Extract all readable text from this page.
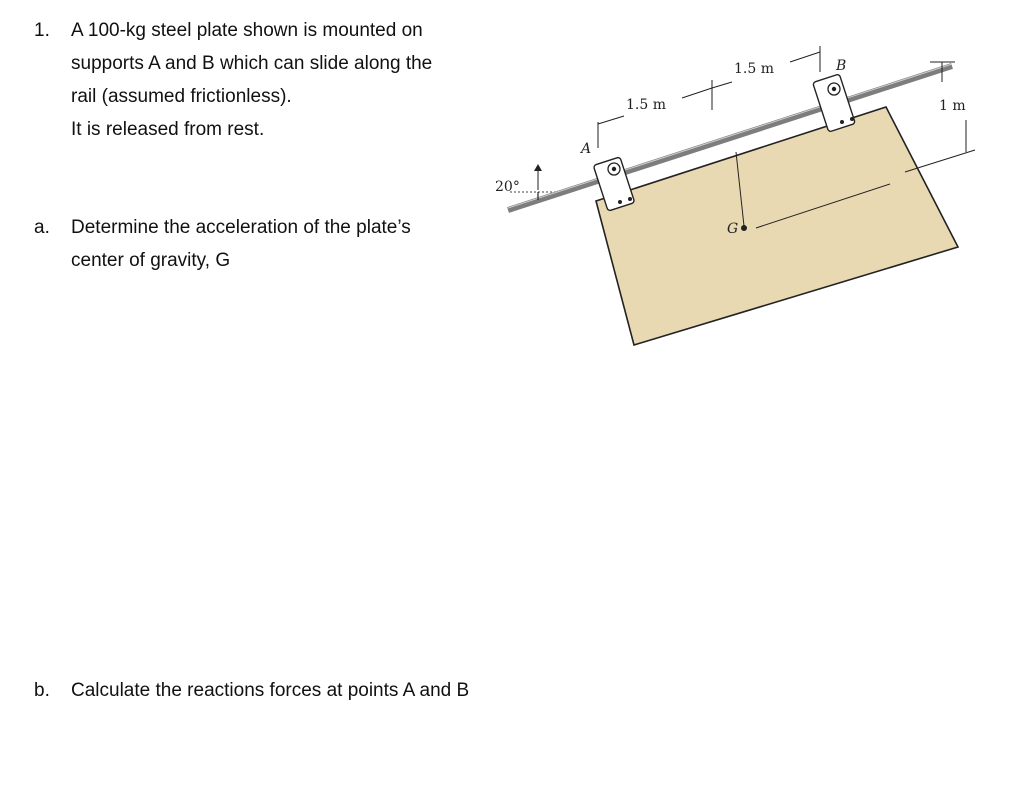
1.	A 100-kg steel plate shown is mounted on
supports A and B which can slide along the
rail (assumed frictionless).
It is released from rest.
a.	Determine the acceleration of the plate’s
center of gravity, G
b.	Calculate the reactions forces at points A and B
20°
1.5 m
1.5 m
1 m
A
B
G
